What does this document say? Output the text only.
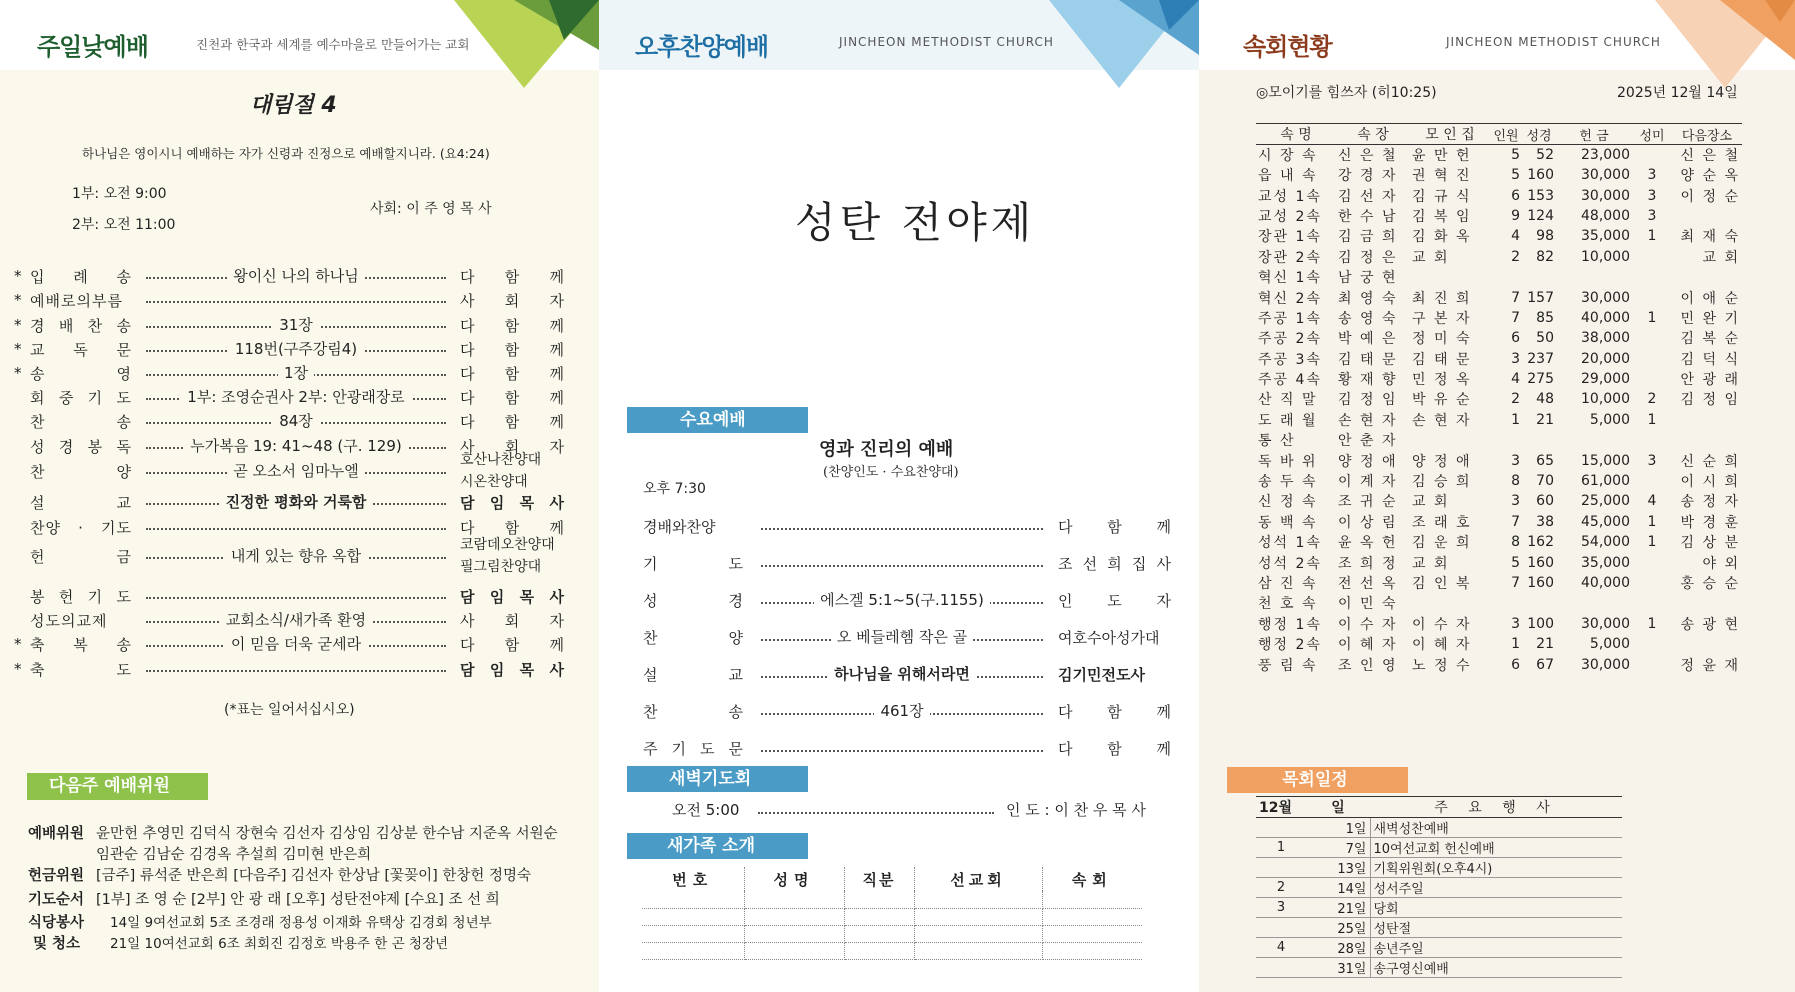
주일낮예배	진천과 한국과 세계를 예수마을로 만들어가는 교회
대림절 4
하나님은 영이시니 예배하는 자가 신령과 진정으로 예배할지니라. (요4:24)
1부: 오전 9:00
2부: 오전 11:00
사회: 이 주 영 목 사
* 입 례 송	왕이신 나의 하나님	다 함 께
* 예배로의부름	사 회 자
* 경 배 찬 송	31장	다 함 께
* 교 독 문	118번(구주강림4)	다 함 께
* 송 영	1장	다 함 께
회 중 기 도	1부: 조영순권사 2부: 안광래장로	다 함 께
찬 송	84장	다 함 께
성 경 봉 독	누가복음 19: 41~48 (구. 129)	사 회 자
찬 양	곧 오소서 임마누엘
호산나찬양대
시온찬양대
설 교	진정한 평화와 거룩함	담 임 목 사
찬양 · 기도	다 함 께
헌 금	내게 있는 향유 옥합
코람데오찬양대
필그림찬양대
봉 헌 기 도	담 임 목 사
성도의교제	교회소식/새가족 환영	사 회 자
* 축 복 송	이 믿음 더욱 굳세라	다 함 께
* 축 도	담 임 목 사
(*표는 일어서십시오)
다음주 예배위원
예배위원 윤만헌 추영민 김덕식 장현숙 김선자 김상임 김상분 한수남 지준옥 서원순
임관순 김남순 김경옥 추설희 김미현 반은희
헌금위원 [금주] 류석준 반은희 [다음주] 김선자 한상남 [꽃꽂이] 한창헌 정명숙
기도순서 [1부] 조 영 순 [2부] 안 광 래 [오후] 성탄전야제 [수요] 조 선 희
식당봉사
및 청소
14일 9여선교회 5조 조경래 정용성 이재화 유택상 김경회 청년부
21일 10여선교회 6조 최회진 김정호 박용주 한 곤 청장년
오후찬양예배	JINCHEON METHODIST CHURCH
성탄 전야제
수요예배
영과 진리의 예배
(찬양인도 · 수요찬양대)
오후 7:30
경배와찬양	다 함 께
기 도	조 선 희 집 사
성 경	에스겔 5:1~5(구.1155)	인 도 자
찬 양	오 베들레헴 작은 골	여호수아성가대
설 교	하나님을 위해서라면	김기민전도사
찬 송	461장	다 함 께
주 기 도 문	다 함 께
새벽기도회
오전 5:00	인 도 : 이 찬 우 목 사
새가족 소개
번호	성명	직분	선교회	속회

속회현황	JINCHEON METHODIST CHURCH
◎모이기를 힘쓰자 (히10:25)	2025년 12월 14일
속 명	속 장	모 인 집	인원	성경	헌 금	성미	다음장소
시 장 속	신 은 철	윤 만 헌	5	52	23,000		신 은 철
읍 내 속	강 경 자	권 혁 진	5	160	30,000	3	양 순 옥
교성 1속	김 선 자	김 규 식	6	153	30,000	3	이 정 순
교성 2속	한 수 남	김 복 임	9	124	48,000	3	
장관 1속	김 금 희	김 화 옥	4	98	35,000	1	최 재 숙
장관 2속	김 정 은	교 회	2	82	10,000		교 회
혁신 1속	남 궁 현						
혁신 2속	최 영 숙	최 진 희	7	157	30,000		이 애 순
주공 1속	송 영 숙	구 본 자	7	85	40,000	1	민 완 기
주공 2속	박 예 은	정 미 숙	6	50	38,000		김 복 순
주공 3속	김 태 문	김 태 문	3	237	20,000		김 덕 식
주공 4속	황 재 향	민 정 옥	4	275	29,000		안 광 래
산 직 말	김 정 임	박 유 순	2	48	10,000	2	김 정 임
도 래 월	손 현 자	손 현 자	1	21	5,000	1	
통 산	안 춘 자						
독 바 위	양 정 애	양 정 애	3	65	15,000	3	신 순 희
송 두 속	이 계 자	김 승 희	8	70	61,000		이 시 희
신 정 속	조 귀 순	교 회	3	60	25,000	4	송 정 자
동 백 속	이 상 림	조 래 호	7	38	45,000	1	박 경 훈
성석 1속	윤 옥 헌	김 운 희	8	162	54,000	1	김 상 분
성석 2속	조 희 정	교 회	5	160	35,000		야 외
삼 진 속	전 선 옥	김 인 복	7	160	40,000		홍 승 순
천 호 속	이 민 숙						
행정 1속	이 수 자	이 수 자	3	100	30,000	1	송 광 현
행정 2속	이 혜 자	이 혜 자	1	21	5,000		
풍 림 속	조 인 영	노 정 수	6	67	30,000		정 윤 재
목회일정
12월	일	주 요 행 사
	1일	새벽성찬예배
1	7일	10여선교회 헌신예배
	13일	기획위원회(오후4시)
2	14일	성서주일
3	21일	당회
	25일	성탄절
4	28일	송년주일
	31일	송구영신예배
